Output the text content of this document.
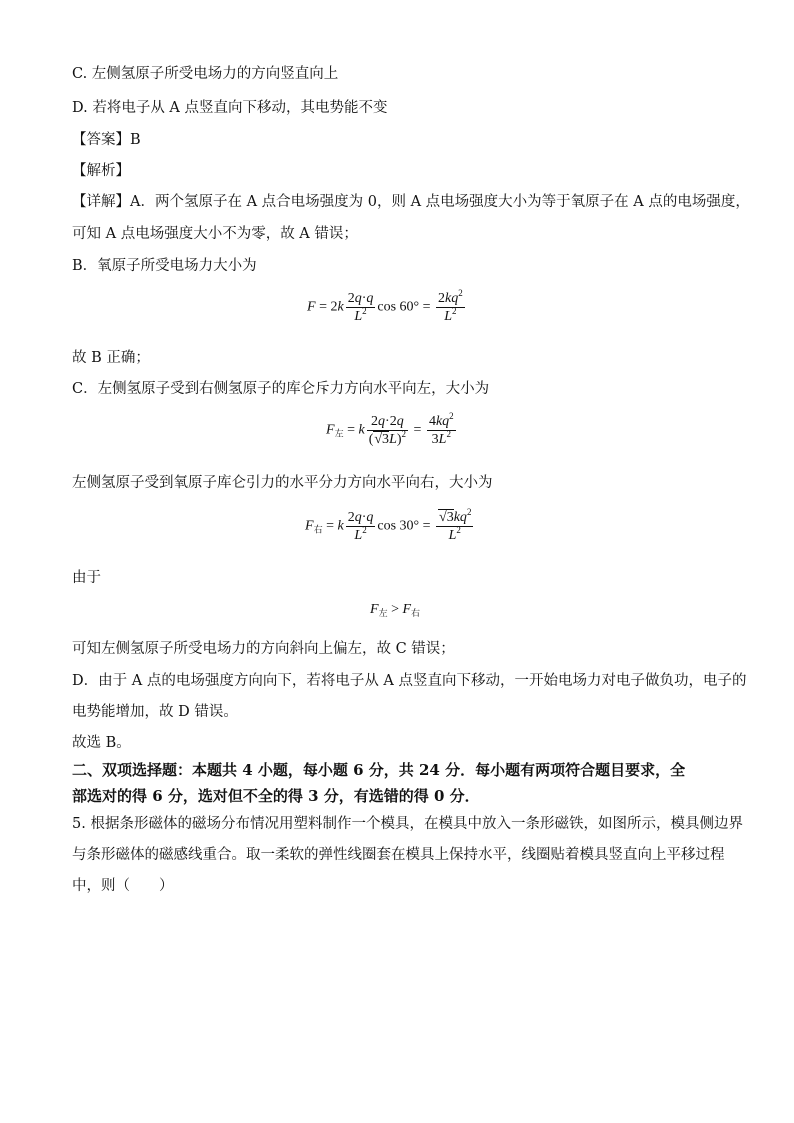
C. 左侧氢原子所受电场力的方向竖直向上
D. 若将电子从 A 点竖直向下移动，其电势能不变
【答案】B
【解析】
【详解】A．两个氢原子在 A 点合电场强度为 0，则 A 点电场强度大小为等于氧原子在 A 点的电场强度，
可知 A 点电场强度大小不为零，故 A 错误；
B．氧原子所受电场力大小为
$F = 2k \frac{2q\cdot q}{L^2}$ $\cos 60^\circ = \frac{2kq^2}{L^2}$
故 B 正确；
C．左侧氢原子受到右侧氢原子的库仑斥力方向水平向左，大小为
$F_左 = k \frac{2q\cdot 2q}{(√3L)^2} = \frac{4kq^2}{3L^2}$
左侧氢原子受到氧原子库仑引力的水平分力方向水平向右，大小为
$F_右 = k \frac{2q\cdot q}{L^2}$ $\cos 30^\circ = \frac{√3kq^2}{L^2}$
由于
$F_左 > F_右$
可知左侧氢原子所受电场力的方向斜向上偏左，故 C 错误；
D．由于 A 点的电场强度方向向下，若将电子从 A 点竖直向下移动，一开始电场力对电子做负功，电子的
电势能增加，故 D 错误。
故选 B。
二、双项选择题：本题共 4 小题，每小题 6 分，共 24 分．每小题有两项符合题目要求，全
部选对的得 6 分，选对但不全的得 3 分，有选错的得 0 分．
5. 根据条形磁体的磁场分布情况用塑料制作一个模具，在模具中放入一条形磁铁，如图所示，模具侧边界
与条形磁体的磁感线重合。取一柔软的弹性线圈套在模具上保持水平，线圈贴着模具竖直向上平移过程
中，则（　　）
